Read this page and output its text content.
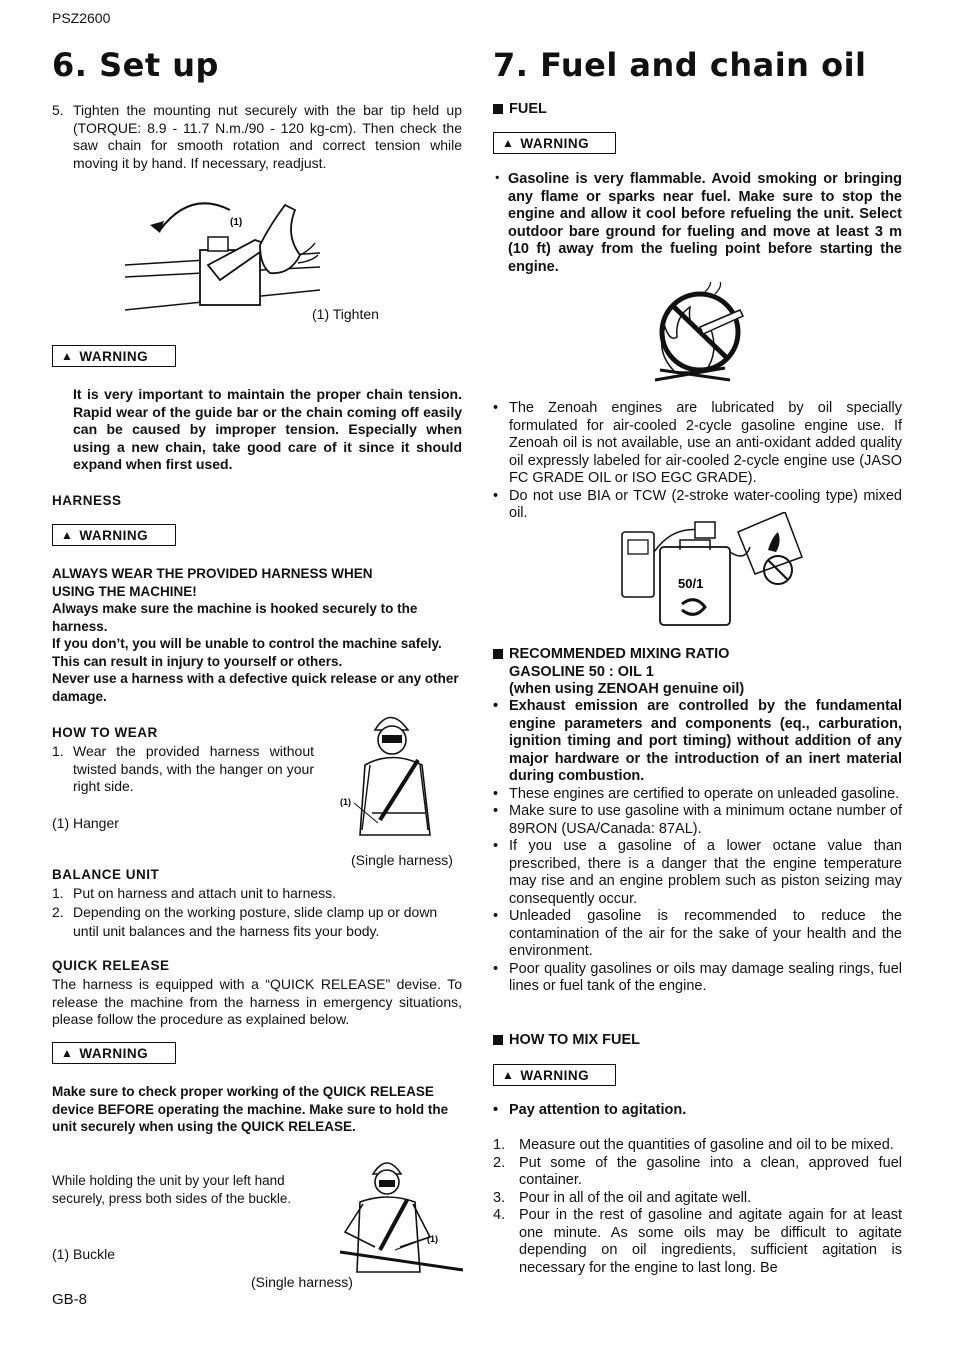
PSZ2600
GB-8
6. Set up
5. Tighten the mounting nut securely with the bar tip held up (TORQUE: 8.9 - 11.7 N.m./90 - 120 kg-cm). Then check the saw chain for smooth rotation and correct tension while moving it by hand. If necessary, readjust.
(1)
(1) Tighten
▲ WARNING
It is very important to maintain the proper chain tension. Rapid wear of the guide bar or the chain coming off easily can be caused by improper tension. Especially when using a new chain, take good care of it since it should expand when first used.
HARNESS
▲ WARNING
ALWAYS WEAR THE PROVIDED HARNESS WHEN USING THE MACHINE!
Always make sure the machine is hooked securely to the harness.
If you don’t, you will be unable to control the machine safely. This can result in injury to yourself or others.
Never use a harness with a defective quick release or any other damage.
HOW TO WEAR
1. Wear the provided harness without twisted bands, with the hanger on your right side.
(1) Hanger
(1)
(Single harness)
BALANCE UNIT
1. Put on harness and attach unit to harness.
2. Depending on the working posture, slide clamp up or down until unit balances and the harness fits your body.
QUICK RELEASE
The harness is equipped with a “QUICK RELEASE” devise. To release the machine from the harness in emergency situations, please follow the procedure as explained below.
▲ WARNING
Make sure to check proper working of the QUICK RELEASE device BEFORE operating the machine. Make sure to hold the unit securely when using the QUICK RELEASE.
While holding the unit by your left hand securely, press both sides of the buckle.
(1) Buckle
(1)
(Single harness)
7. Fuel and chain oil
FUEL
▲ WARNING
・ Gasoline is very flammable. Avoid smoking or bringing any flame or sparks near fuel. Make sure to stop the engine and allow it cool before refueling the unit. Select outdoor bare ground for fueling and move at least 3 m (10 ft) away from the fueling point before starting the engine.
• The Zenoah engines are lubricated by oil specially formulated for air-cooled 2-cycle gasoline engine use. If Zenoah oil is not available, use an anti-oxidant added quality oil expressly labeled for air-cooled 2-cycle engine use (JASO FC GRADE OIL or ISO EGC GRADE).
• Do not use BIA or TCW (2-stroke water-cooling type) mixed oil.
50/1
RECOMMENDED MIXING RATIO
GASOLINE 50 : OIL 1
(when using ZENOAH genuine oil)
• Exhaust emission are controlled by the fundamental engine parameters and components (eq., carburation, ignition timing and port timing) without addition of any major hardware or the introduction of an inert material during combustion.
• These engines are certified to operate on unleaded gasoline.
• Make sure to use gasoline with a minimum octane number of 89RON (USA/Canada: 87AL).
• If you use a gasoline of a lower octane value than prescribed, there is a danger that the engine temperature may rise and an engine problem such as piston seizing may consequently occur.
• Unleaded gasoline is recommended to reduce the contamination of the air for the sake of your health and the environment.
• Poor quality gasolines or oils may damage sealing rings, fuel lines or fuel tank of the engine.
HOW TO MIX FUEL
▲ WARNING
• Pay attention to agitation.
1. Measure out the quantities of gasoline and oil to be mixed.
2. Put some of the gasoline into a clean, approved fuel container.
3. Pour in all of the oil and agitate well.
4. Pour in the rest of gasoline and agitate again for at least one minute. As some oils may be difficult to agitate depending on oil ingredients, sufficient agitation is necessary for the engine to last long. Be
